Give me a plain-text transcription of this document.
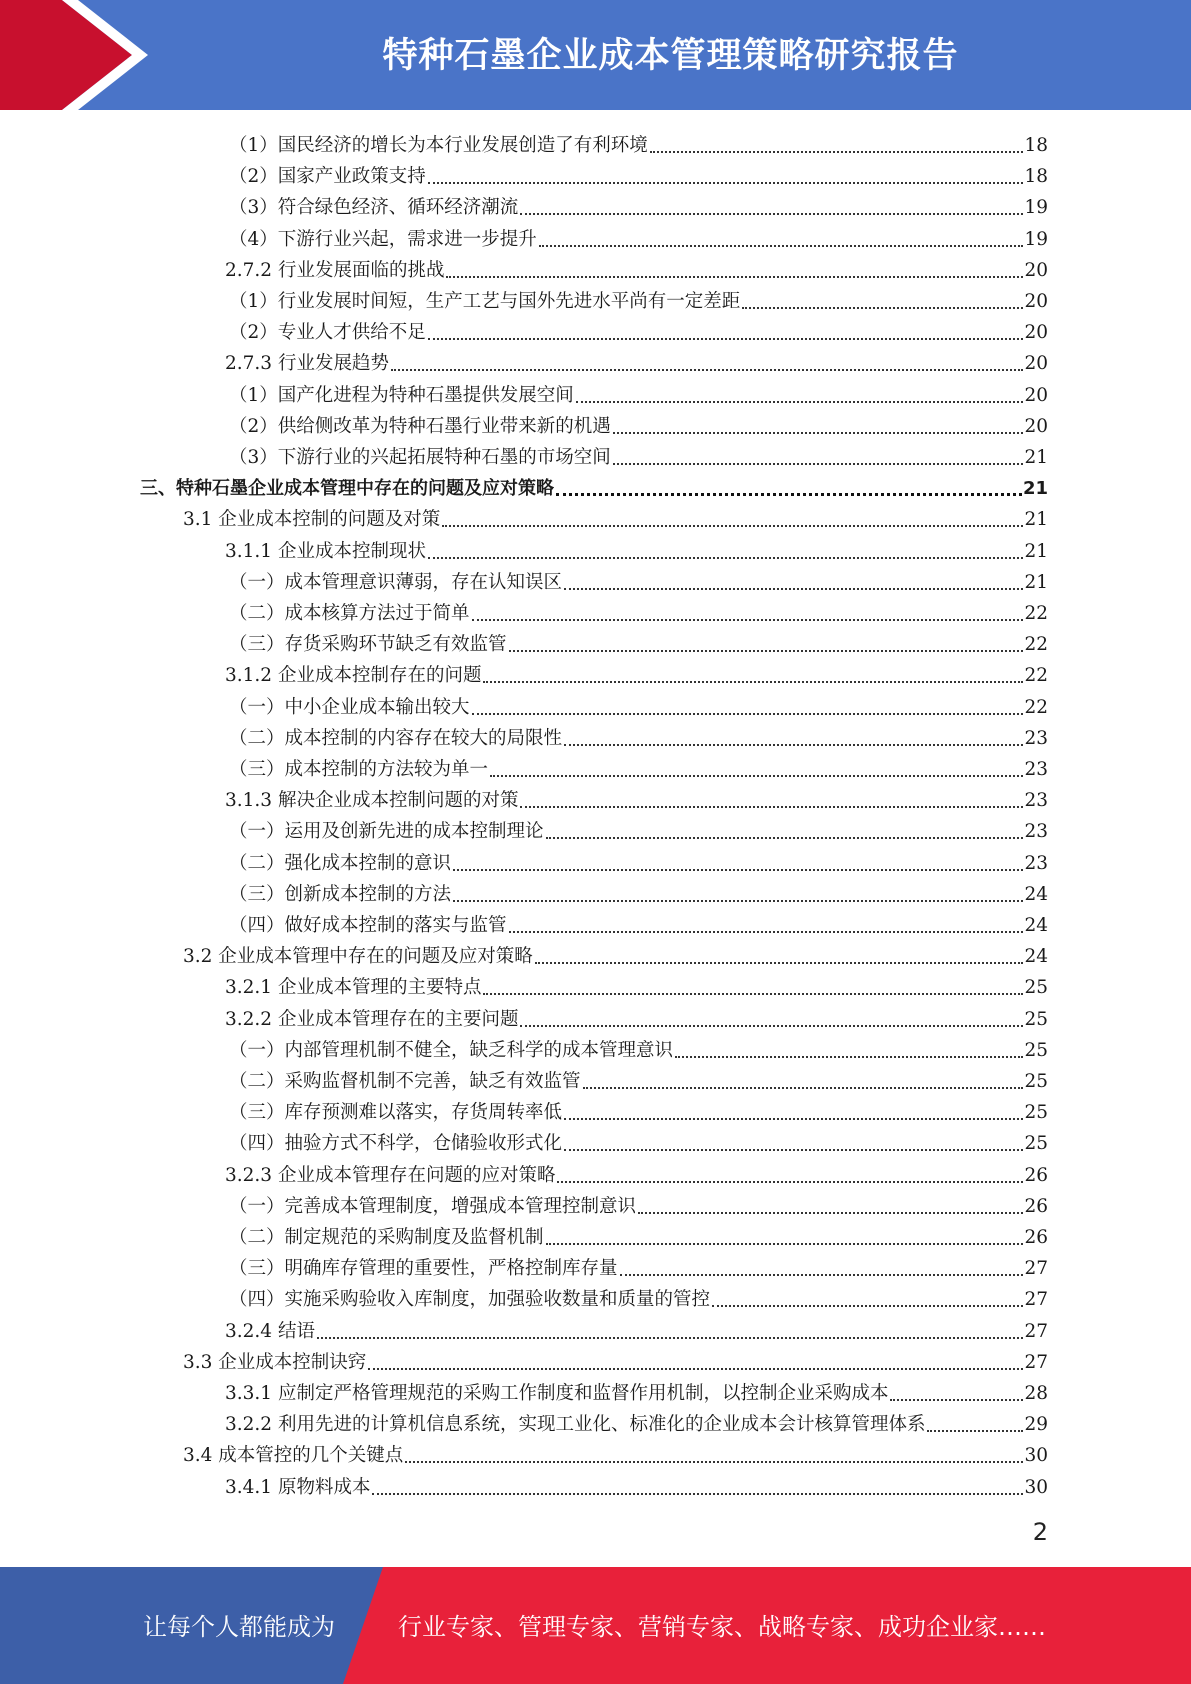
特种石墨企业成本管理策略研究报告
（1）国民经济的增长为本行业发展创造了有利环境	18
（2）国家产业政策支持	18
（3）符合绿色经济、循环经济潮流	19
（4）下游行业兴起，需求进一步提升	19
2.7.2 行业发展面临的挑战	20
（1）行业发展时间短，生产工艺与国外先进水平尚有一定差距	20
（2）专业人才供给不足	20
2.7.3 行业发展趋势	20
（1）国产化进程为特种石墨提供发展空间	20
（2）供给侧改革为特种石墨行业带来新的机遇	20
（3）下游行业的兴起拓展特种石墨的市场空间	21
三、特种石墨企业成本管理中存在的问题及应对策略	21
3.1 企业成本控制的问题及对策	21
3.1.1 企业成本控制现状	21
（一）成本管理意识薄弱，存在认知误区	21
（二）成本核算方法过于简单	22
（三）存货采购环节缺乏有效监管	22
3.1.2 企业成本控制存在的问题	22
（一）中小企业成本输出较大	22
（二）成本控制的内容存在较大的局限性	23
（三）成本控制的方法较为单一	23
3.1.3 解决企业成本控制问题的对策	23
（一）运用及创新先进的成本控制理论	23
（二）强化成本控制的意识	23
（三）创新成本控制的方法	24
（四）做好成本控制的落实与监管	24
3.2 企业成本管理中存在的问题及应对策略	24
3.2.1 企业成本管理的主要特点	25
3.2.2 企业成本管理存在的主要问题	25
（一）内部管理机制不健全，缺乏科学的成本管理意识	25
（二）采购监督机制不完善，缺乏有效监管	25
（三）库存预测难以落实，存货周转率低	25
（四）抽验方式不科学，仓储验收形式化	25
3.2.3 企业成本管理存在问题的应对策略	26
（一）完善成本管理制度，增强成本管理控制意识	26
（二）制定规范的采购制度及监督机制	26
（三）明确库存管理的重要性，严格控制库存量	27
（四）实施采购验收入库制度，加强验收数量和质量的管控	27
3.2.4 结语	27
3.3 企业成本控制诀窍	27
3.3.1 应制定严格管理规范的采购工作制度和监督作用机制，以控制企业采购成本	28
3.2.2 利用先进的计算机信息系统，实现工业化、标准化的企业成本会计核算管理体系	29
3.4 成本管控的几个关键点	30
3.4.1 原物料成本	30
2
让每个人都能成为	行业专家、管理专家、营销专家、战略专家、成功企业家……
